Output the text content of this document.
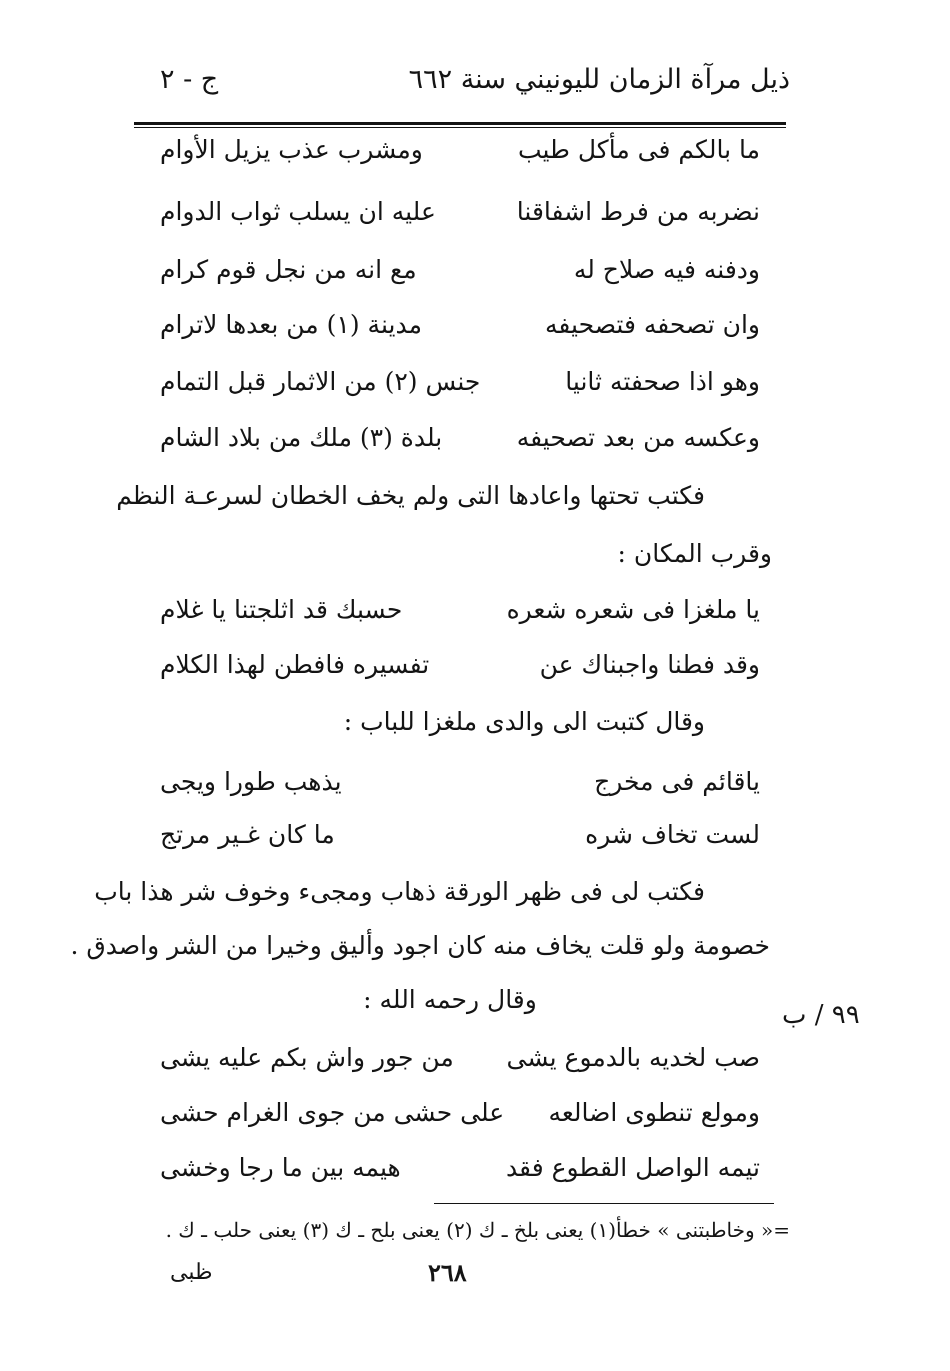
ذيل مرآة الزمان لليونيني سنة ٦٦٢
ج - ٢
ما بالكم فى مأكل طيب
ومشرب عذب يزيل الأوام
نضربه من فرط اشفاقنا
عليه ان يسلب ثواب الدوام
ودفنه فيه صلاح له
مع انه من نجل قوم كرام
وان تصحفه فتصحيفه
مدينة (١) من بعدها لاترام
وهو اذا صحفته ثانيا
جنس (٢) من الاثمار قبل التمام
وعكسه من بعد تصحيفه
بلدة (٣) ملك من بلاد الشام
فكتب تحتها واعادها التى ولم يخف الخطان لسرعـة النظم
وقرب المكان :
يا ملغزا فى شعره شعره
حسبك قد اثلجتنا يا غلام
وقد فطنا واجبناك عن
تفسيره فافطن لهذا الكلام
وقال كتبت الى والدى ملغزا للباب :
ياقائم فى مخرج
يذهب طورا ويجى
لست تخاف شره
ما كان غـير مرتج
فكتب لى فى ظهر الورقة ذهاب ومجىء وخوف شر هذا باب
خصومة ولو قلت يخاف منه كان اجود وأليق وخيرا من الشر واصدق .
وقال رحمه الله :
٩٩ / ب
صب لخديه بالدموع يشى
من جور واش بكم عليه يشى
ومولع تنطوى اضالعه
على حشى من جوى الغرام حشى
تيمه الواصل القطوع فقد
هيمه بين ما رجا وخشى
=« وخاطبتنى » خطأ(١) يعنى بلخ ـ ك (٢) يعنى بلح ـ ك (٣) يعنى حلب ـ ك .
ظبى	٢٦٨
